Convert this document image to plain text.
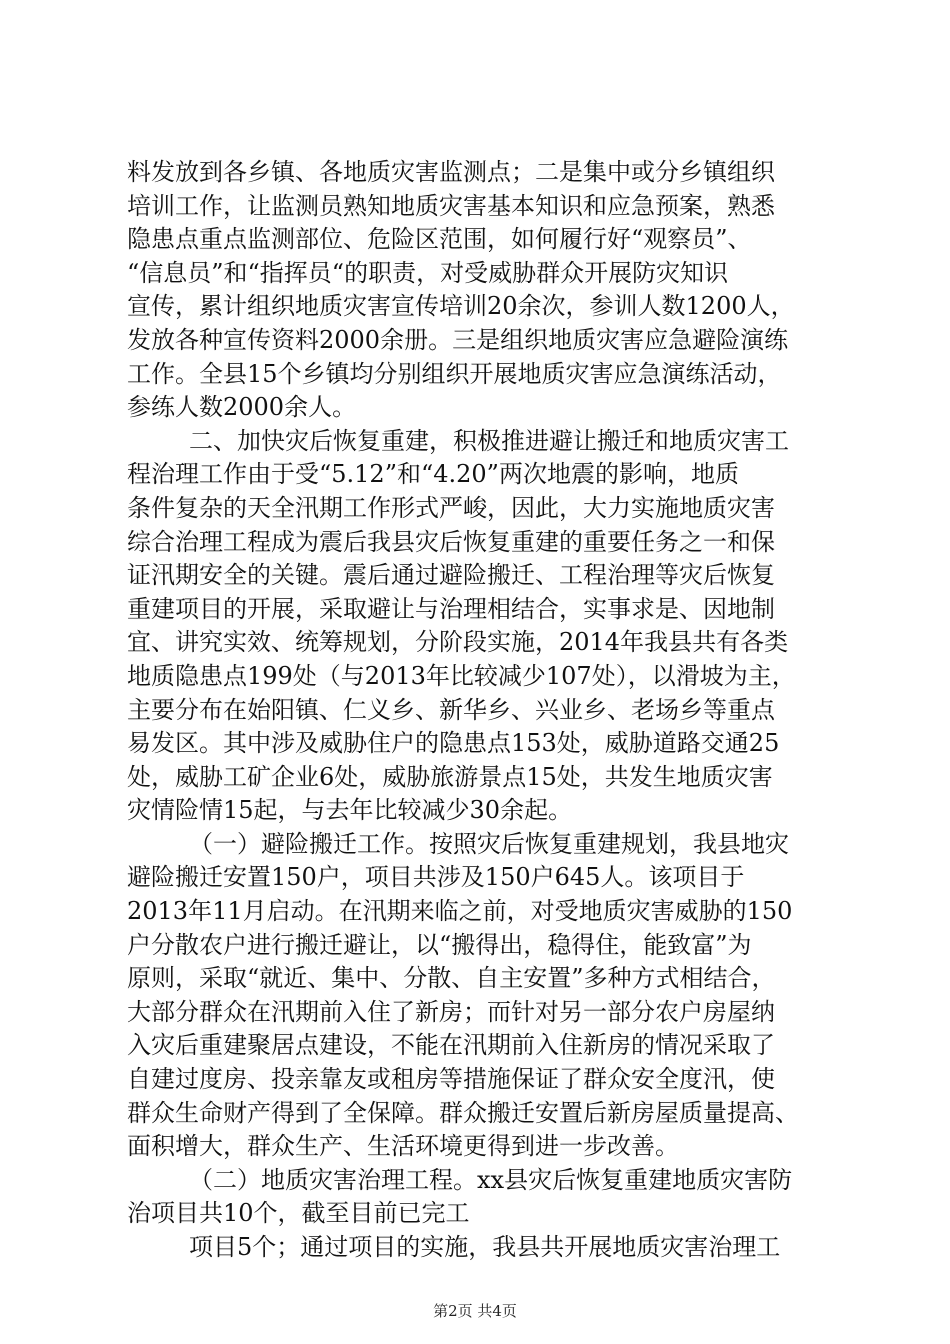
料发放到各乡镇、各地质灾害监测点；二是集中或分乡镇组织
培训工作，让监测员熟知地质灾害基本知识和应急预案，熟悉
隐患点重点监测部位、危险区范围，如何履行好“观察员”、
“信息员”和“指挥员“的职责，对受威胁群众开展防灾知识
宣传，累计组织地质灾害宣传培训20余次，参训人数1200人，
发放各种宣传资料2000余册。三是组织地质灾害应急避险演练
工作。全县15个乡镇均分别组织开展地质灾害应急演练活动，
参练人数2000余人。
二、加快灾后恢复重建，积极推进避让搬迁和地质灾害工
程治理工作由于受“5.12”和“4.20”两次地震的影响，地质
条件复杂的天全汛期工作形式严峻，因此，大力实施地质灾害
综合治理工程成为震后我县灾后恢复重建的重要任务之一和保
证汛期安全的关键。震后通过避险搬迁、工程治理等灾后恢复
重建项目的开展，采取避让与治理相结合，实事求是、因地制
宜、讲究实效、统筹规划，分阶段实施，2014年我县共有各类
地质隐患点199处（与2013年比较减少107处），以滑坡为主，
主要分布在始阳镇、仁义乡、新华乡、兴业乡、老场乡等重点
易发区。其中涉及威胁住户的隐患点153处，威胁道路交通25
处，威胁工矿企业6处，威胁旅游景点15处，共发生地质灾害
灾情险情15起，与去年比较减少30余起。
（一）避险搬迁工作。按照灾后恢复重建规划，我县地灾
避险搬迁安置150户，项目共涉及150户645人。该项目于
2013年11月启动。在汛期来临之前，对受地质灾害威胁的150
户分散农户进行搬迁避让，以“搬得出，稳得住，能致富”为
原则，采取“就近、集中、分散、自主安置”多种方式相结合，
大部分群众在汛期前入住了新房；而针对另一部分农户房屋纳
入灾后重建聚居点建设，不能在汛期前入住新房的情况采取了
自建过度房、投亲靠友或租房等措施保证了群众安全度汛，使
群众生命财产得到了全保障。群众搬迁安置后新房屋质量提高、
面积增大，群众生产、生活环境更得到进一步改善。
（二）地质灾害治理工程。xx县灾后恢复重建地质灾害防
治项目共10个，截至目前已完工
项目5个；通过项目的实施，我县共开展地质灾害治理工
第2页 共4页
